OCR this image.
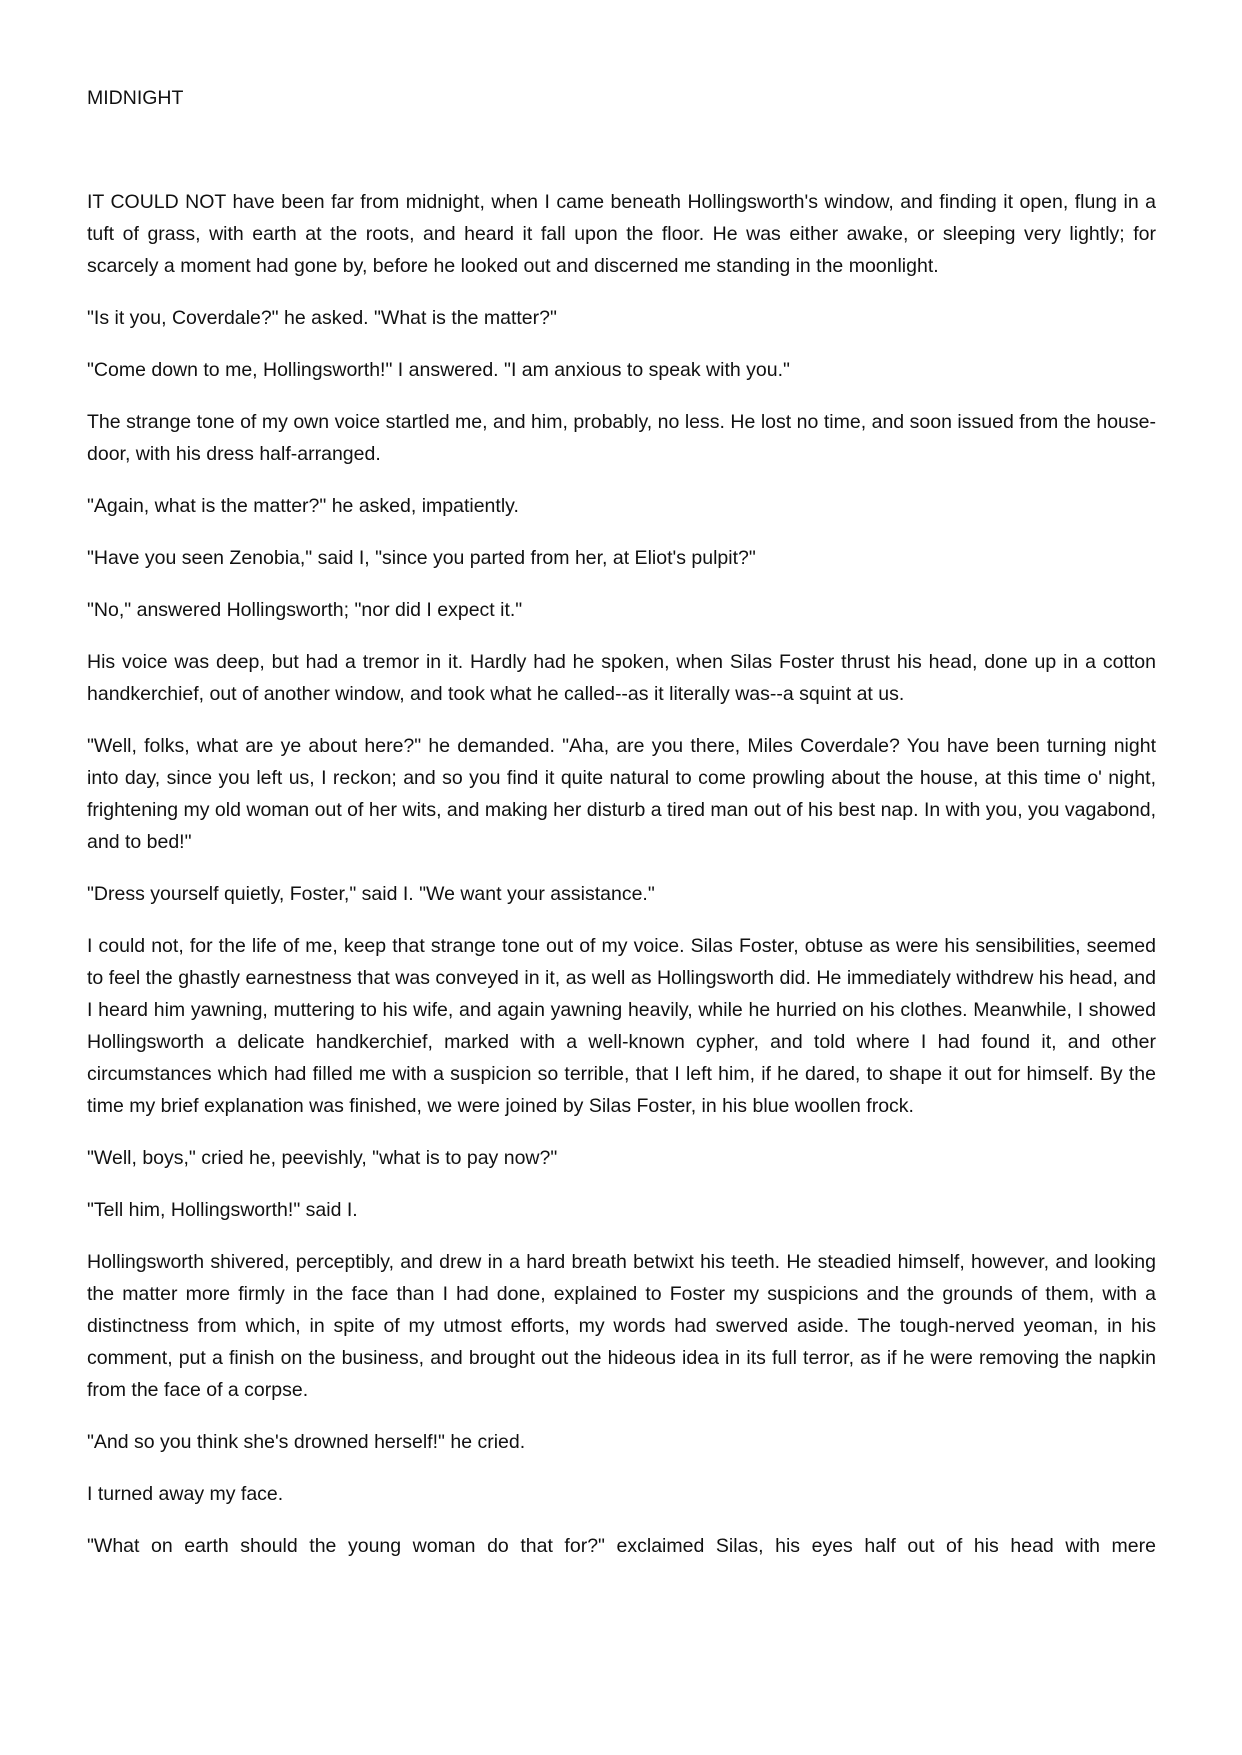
MIDNIGHT

IT COULD NOT have been far from midnight, when I came beneath Hollingsworth's window, and finding it open, flung in a tuft of grass, with earth at the roots, and heard it fall upon the floor. He was either awake, or sleeping very lightly; for scarcely a moment had gone by, before he looked out and discerned me standing in the moonlight.

"Is it you, Coverdale?" he asked. "What is the matter?"

"Come down to me, Hollingsworth!" I answered. "I am anxious to speak with you."

The strange tone of my own voice startled me, and him, probably, no less. He lost no time, and soon issued from the house-door, with his dress half-arranged.

"Again, what is the matter?" he asked, impatiently.

"Have you seen Zenobia," said I, "since you parted from her, at Eliot's pulpit?"

"No," answered Hollingsworth; "nor did I expect it."

His voice was deep, but had a tremor in it. Hardly had he spoken, when Silas Foster thrust his head, done up in a cotton handkerchief, out of another window, and took what he called--as it literally was--a squint at us.

"Well, folks, what are ye about here?" he demanded. "Aha, are you there, Miles Coverdale? You have been turning night into day, since you left us, I reckon; and so you find it quite natural to come prowling about the house, at this time o' night, frightening my old woman out of her wits, and making her disturb a tired man out of his best nap. In with you, you vagabond, and to bed!"

"Dress yourself quietly, Foster," said I. "We want your assistance."

I could not, for the life of me, keep that strange tone out of my voice. Silas Foster, obtuse as were his sensibilities, seemed to feel the ghastly earnestness that was conveyed in it, as well as Hollingsworth did. He immediately withdrew his head, and I heard him yawning, muttering to his wife, and again yawning heavily, while he hurried on his clothes. Meanwhile, I showed Hollingsworth a delicate handkerchief, marked with a well-known cypher, and told where I had found it, and other circumstances which had filled me with a suspicion so terrible, that I left him, if he dared, to shape it out for himself. By the time my brief explanation was finished, we were joined by Silas Foster, in his blue woollen frock.

"Well, boys," cried he, peevishly, "what is to pay now?"

"Tell him, Hollingsworth!" said I.

Hollingsworth shivered, perceptibly, and drew in a hard breath betwixt his teeth. He steadied himself, however, and looking the matter more firmly in the face than I had done, explained to Foster my suspicions and the grounds of them, with a distinctness from which, in spite of my utmost efforts, my words had swerved aside. The tough-nerved yeoman, in his comment, put a finish on the business, and brought out the hideous idea in its full terror, as if he were removing the napkin from the face of a corpse.

"And so you think she's drowned herself!" he cried.

I turned away my face.

"What on earth should the young woman do that for?" exclaimed Silas, his eyes half out of his head with mere
